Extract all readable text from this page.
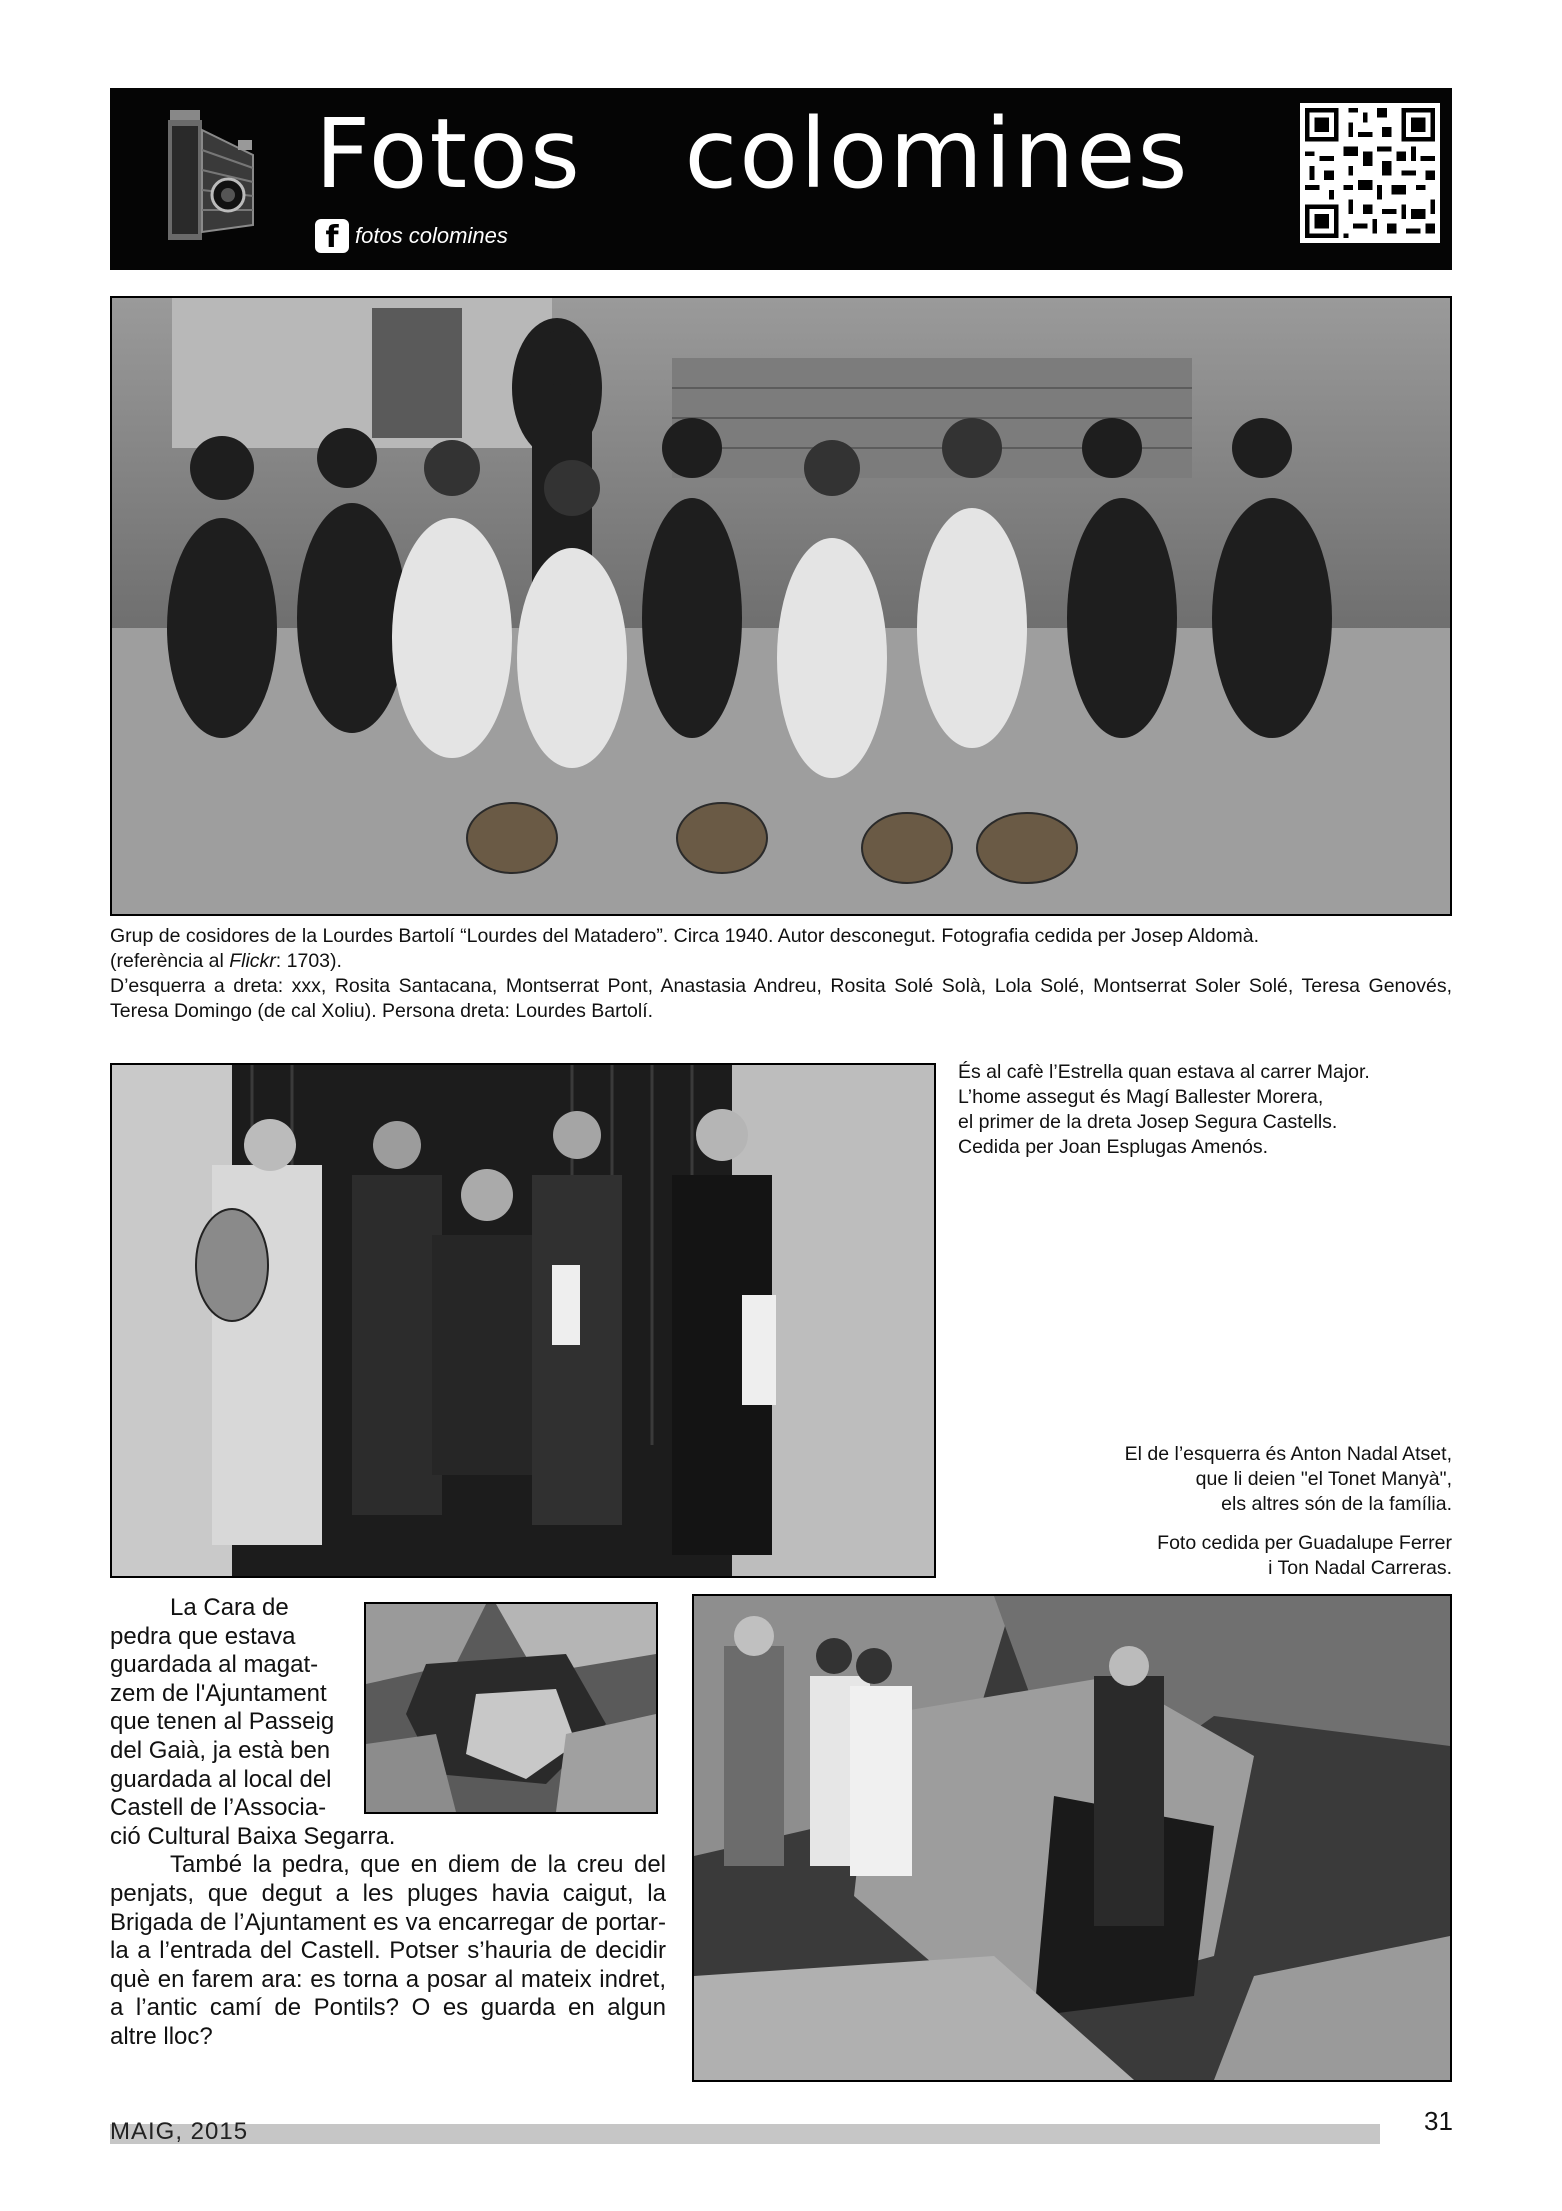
Fotos colomines
f fotos colomines

Grup de cosidores de la Lourdes Bartolí “Lourdes del Matadero”. Circa 1940. Autor desconegut. Fotografia cedida per Josep Aldomà.

(referència al Flickr: 1703).

D’esquerra a dreta: xxx, Rosita Santacana, Montserrat Pont, Anastasia Andreu, Rosita Solé Solà, Lola Solé, Montserrat Soler Solé, Teresa Genovés, Teresa Domingo (de cal Xoliu). Persona dreta: Lourdes Bartolí.

És al cafè l’Estrella quan estava al carrer Major.
L’home assegut és Magí Ballester Morera,
el primer de la dreta Josep Segura Castells.
Cedida per Joan Esplugas Amenós.

El de l’esquerra és Anton Nadal Atset,
que li deien "el Tonet Manyà",
els altres són de la família.

Foto cedida per Guadalupe Ferrer
i Ton Nadal Carreras.

La Cara de

pedra que estava

guardada al magat-

zem de l'Ajuntament

que tenen al Passeig

del Gaià, ja està ben

guardada al local del

Castell de l’Associa-

ció Cultural Baixa Segarra.

També la pedra, que en diem de la creu del penjats, que degut a les pluges havia caigut, la Brigada de l’Ajuntament es va encarregar de portar-la a l’entrada del Castell. Potser s’hauria de decidir què en farem ara: es torna a posar al mateix indret, a l’antic camí de Pontils? O es guarda en algun altre lloc?

MAIG, 2015	31
